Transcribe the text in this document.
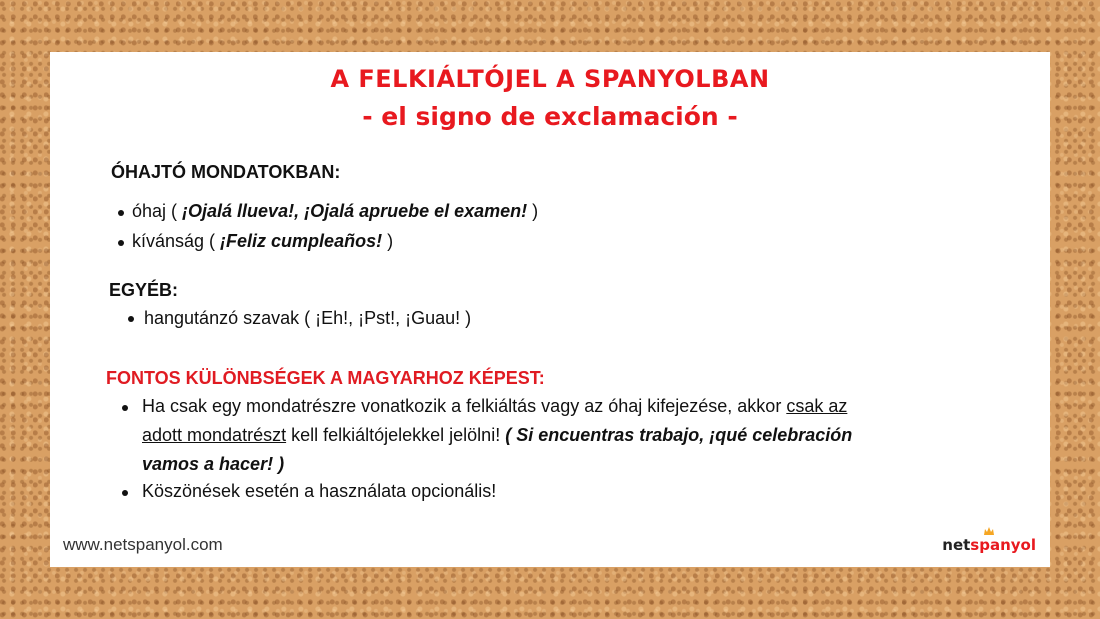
A FELKIÁLTÓJEL A SPANYOLBAN
- el signo de exclamación -
ÓHAJTÓ MONDATOKBAN:
óhaj ( ¡Ojalá llueva!, ¡Ojalá apruebe el examen! )
kívánság ( ¡Feliz cumpleaños! )
EGYÉB:
hangutánzó szavak ( ¡Eh!, ¡Pst!, ¡Guau! )
FONTOS KÜLÖNBSÉGEK A MAGYARHOZ KÉPEST:
Ha csak egy mondatrészre vonatkozik a felkiáltás vagy az óhaj kifejezése, akkor csak az
adott mondatrészt kell felkiáltójelekkel jelölni! ( Si encuentras trabajo, ¡qué celebración
vamos a hacer! )
Köszönések esetén a használata opcionális!
www.netspanyol.com	net
spanyol
